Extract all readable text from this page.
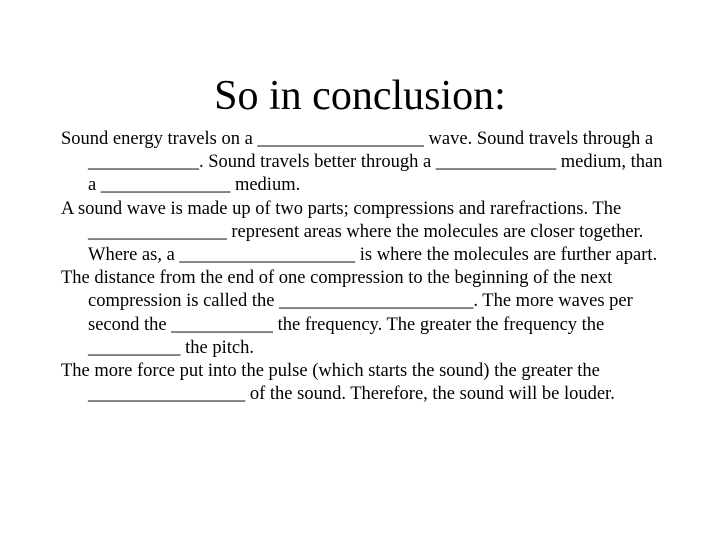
So in conclusion:

Sound energy travels on a __________________ wave. Sound travels through a ____________. Sound travels better through a _____________ medium, than a ______________ medium.

A sound wave is made up of two parts; compressions and rarefractions. The _______________ represent areas where the molecules are closer together. Where as, a ___________________ is where the molecules are further apart.

The distance from the end of one compression to the beginning of the next compression is called the _____________________. The more waves per second the ___________ the frequency. The greater the frequency the __________ the pitch.

The more force put into the pulse (which starts the sound) the greater the _________________ of the sound. Therefore, the sound will be louder.
